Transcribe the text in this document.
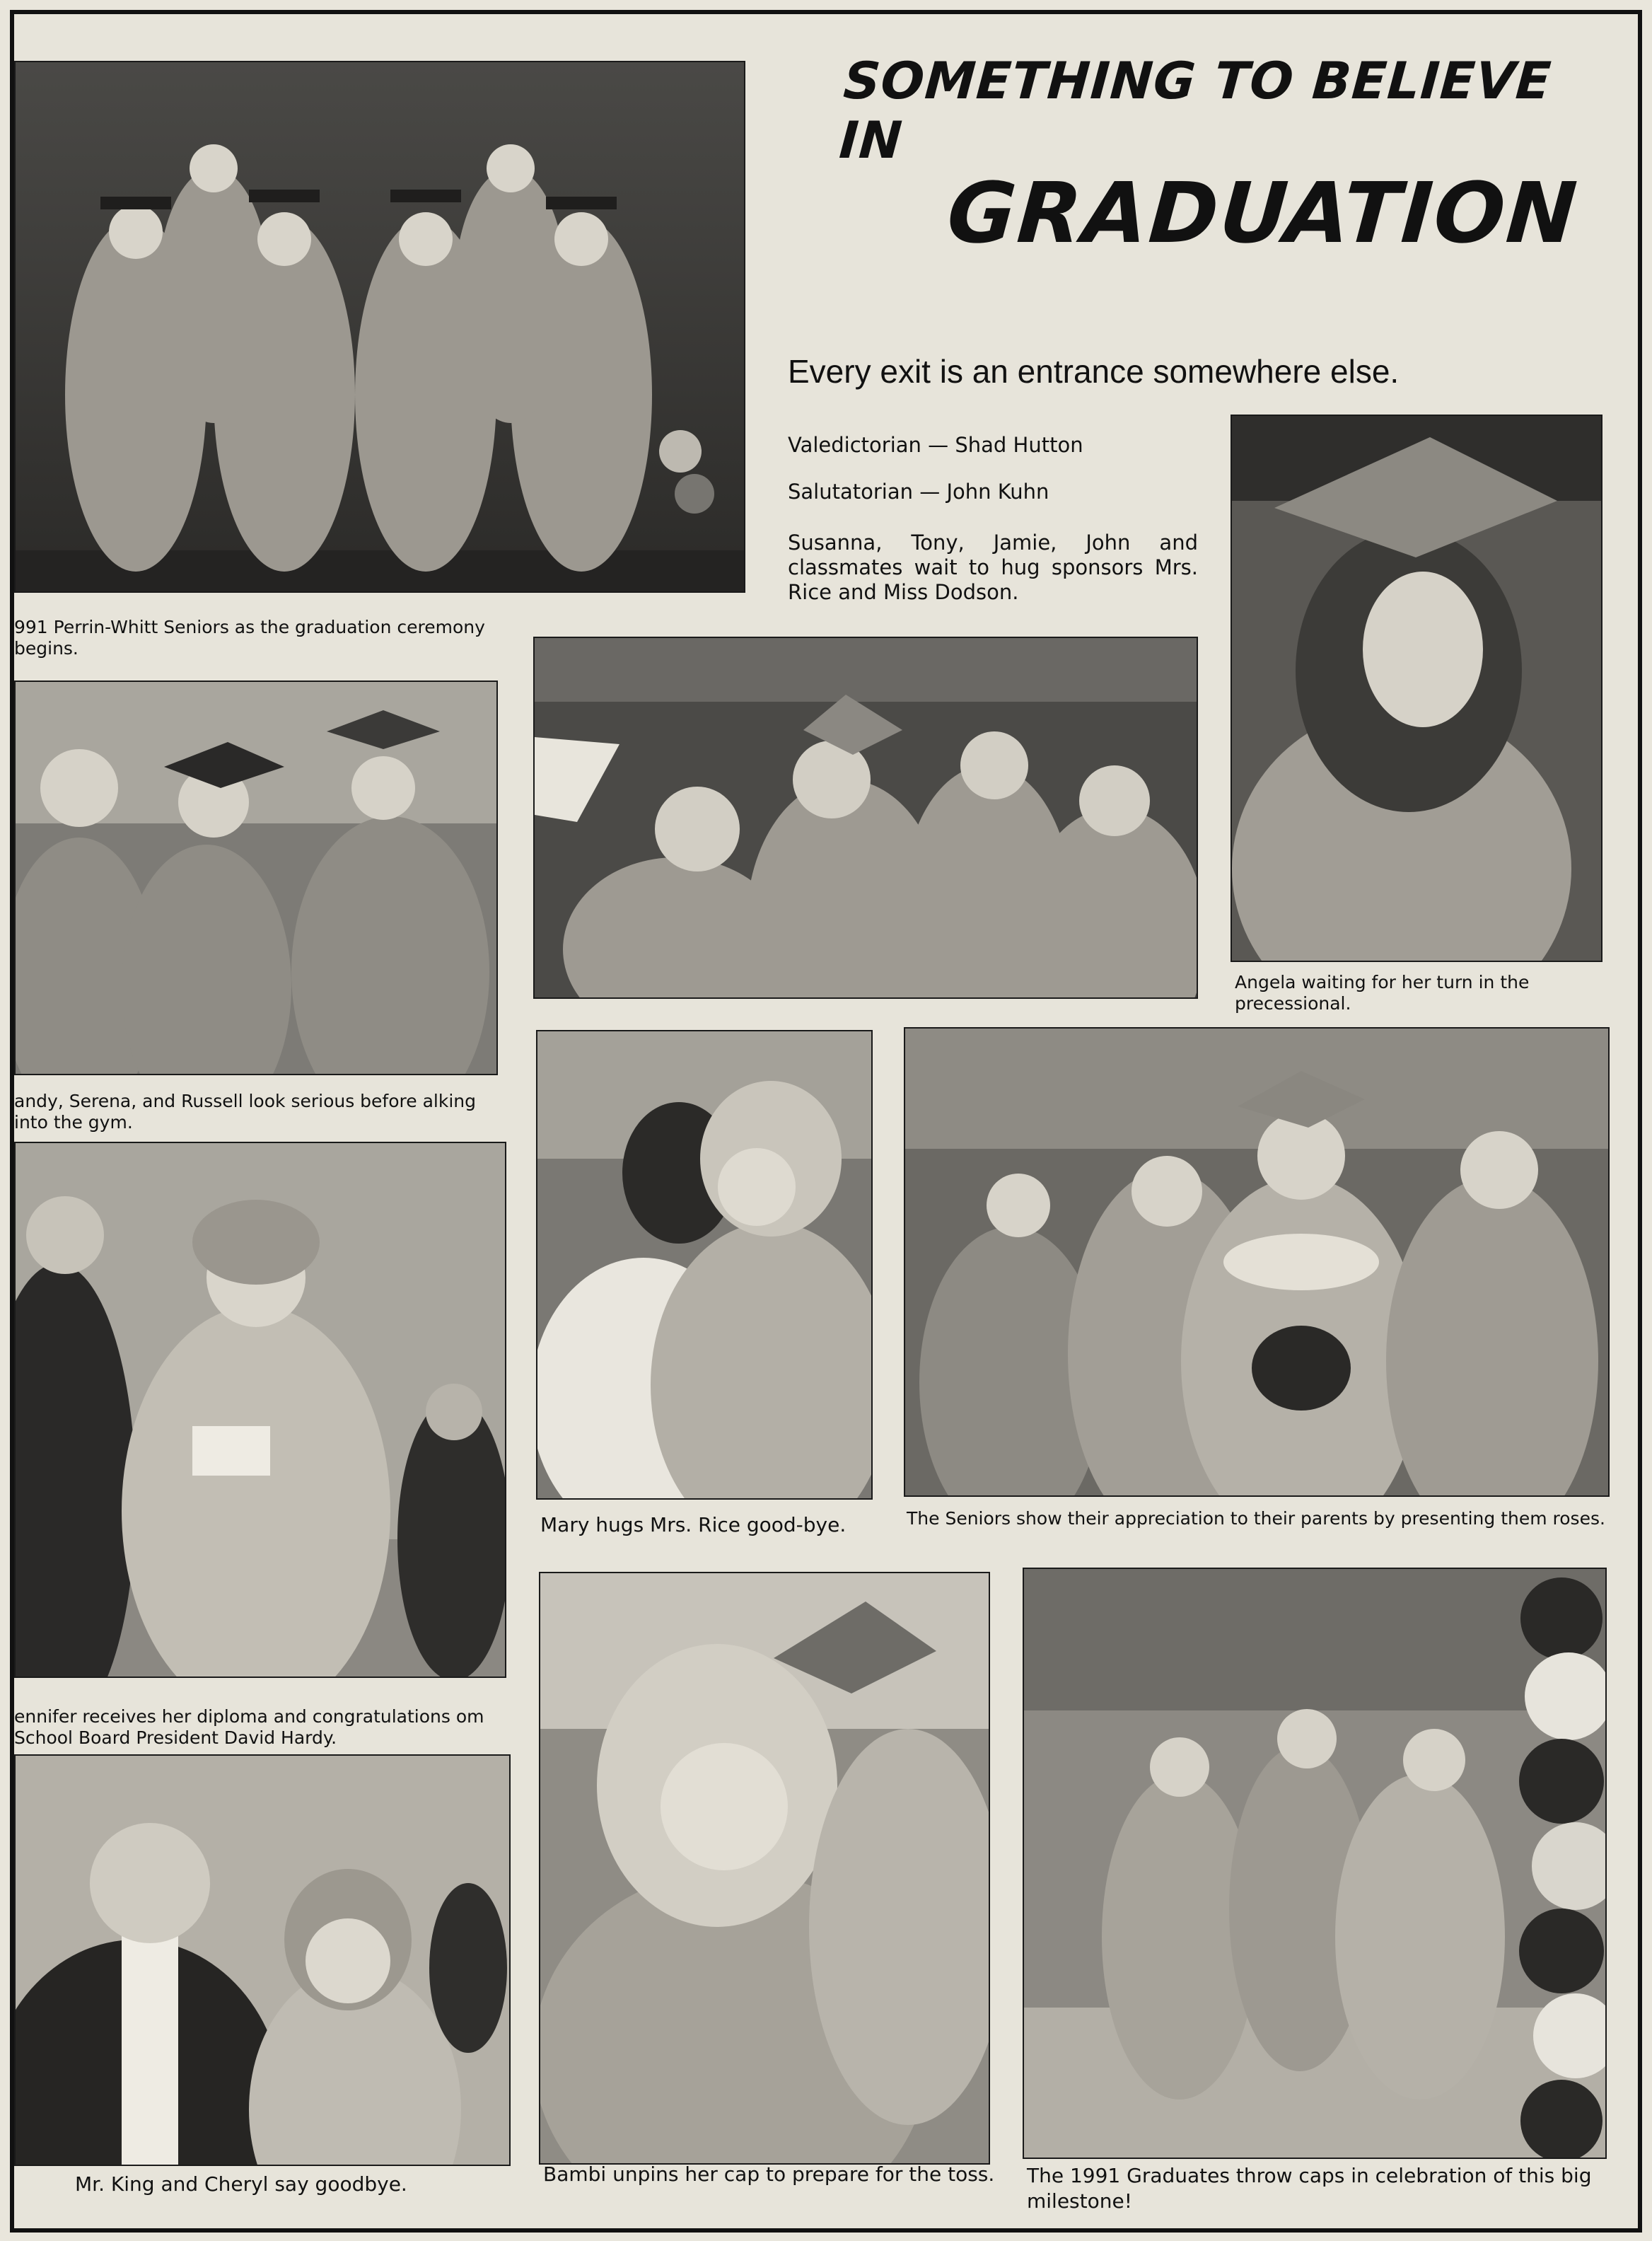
SOMETHING TO BELIEVE IN
GRADUATION

Every exit is an entrance somewhere else.

Valedictorian — Shad Hutton

Salutatorian — John Kuhn

Susanna, Tony, Jamie, John and classmates wait to hug sponsors Mrs. Rice and Miss Dodson.

991 Perrin-Whitt Seniors as the graduation ceremony begins.

andy, Serena, and Russell look serious before alking into the gym.

Angela waiting for her turn in the precessional.

ennifer receives her diploma and congratulations om School Board President David Hardy.

Mary hugs Mrs. Rice good-bye.	The Seniors show their appreciation to their parents by presenting them roses.

Mr. King and Cheryl say goodbye.	Bambi unpins her cap to prepare for the toss.	The 1991 Graduates throw caps in celebration of this big milestone!
